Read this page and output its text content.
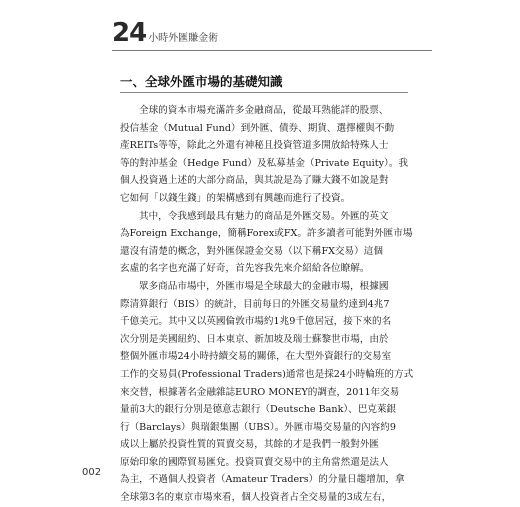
24 小時外匯賺金術
一、全球外匯市場的基礎知識
全球的資本市場充滿許多金融商品，從最耳熟能詳的股票、
投信基金（Mutual Fund）到外匯、債券、期貨、選擇權與不動
產REITs等等，除此之外還有神秘且投資管道多開放給特殊人士
等的對沖基金（Hedge Fund）及私募基金（Private Equity）。我
個人投資過上述的大部分商品，與其說是為了賺大錢不如說是對
它如何「以錢生錢」的架構感到有興趣而進行了投資。
其中，令我感到最具有魅力的商品是外匯交易。外匯的英文
為Foreign Exchange，簡稱Forex或FX。許多讀者可能對外匯市場
還沒有清楚的概念，對外匯保證金交易（以下稱FX交易）這個
玄虛的名字也充滿了好奇，首先容我先來介紹給各位瞭解。
眾多商品市場中，外匯市場是全球最大的金融市場，根據國
際清算銀行（BIS）的統計，目前每日的外匯交易量約達到4兆7
千億美元。其中又以英國倫敦市場約1兆9千億居冠，接下來的名
次分別是美國紐約、日本東京、新加坡及瑞士蘇黎世市場，由於
整個外匯市場24小時持續交易的關係，在大型外資銀行的交易室
工作的交易員(Professional Traders)通常也是採24小時輪班的方式
來交替，根據著名金融雜誌EURO MONEY的調查，2011年交易
量前3大的銀行分別是德意志銀行（Deutsche Bank）、巴克萊銀
行（Barclays）與瑞銀集團（UBS）。外匯市場交易量的內容約9
成以上屬於投資性質的買賣交易，其餘的才是我們一般對外匯
原始印象的國際貿易匯兌。投資買賣交易中的主角當然還是法人
為主，不過個人投資者（Amateur Traders）的分量日趨增加，拿
全球第3名的東京市場來看，個人投資者占全交易量的3成左右，
002
